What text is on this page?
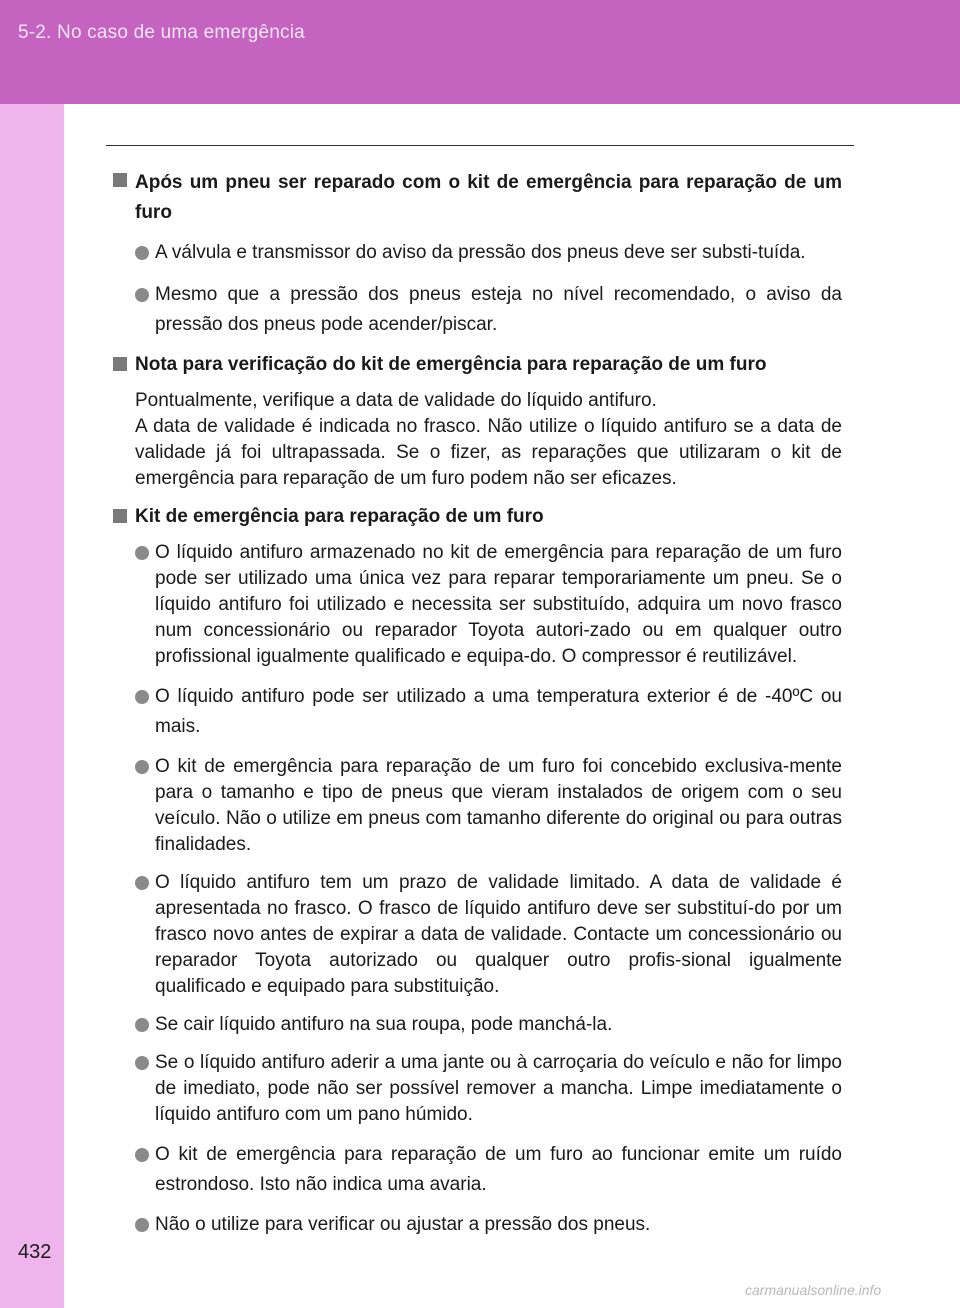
5-2. No caso de uma emergência
432
Após um pneu ser reparado com o kit de emergência para reparação de um furo
A válvula e transmissor do aviso da pressão dos pneus deve ser substi-tuída.
Mesmo que a pressão dos pneus esteja no nível recomendado, o aviso da pressão dos pneus pode acender/piscar.
Nota para verificação do kit de emergência para reparação de um furo
Pontualmente, verifique a data de validade do líquido antifuro.
A data de validade é indicada no frasco. Não utilize o líquido antifuro se a data de validade já foi ultrapassada. Se o fizer, as reparações que utilizaram o kit de emergência para reparação de um furo podem não ser eficazes.
Kit de emergência para reparação de um furo
O líquido antifuro armazenado no kit de emergência para reparação de um furo pode ser utilizado uma única vez para reparar temporariamente um pneu. Se o líquido antifuro foi utilizado e necessita ser substituído, adquira um novo frasco num concessionário ou reparador Toyota autori-zado ou em qualquer outro profissional igualmente qualificado e equipa-do. O compressor é reutilizável.
O líquido antifuro pode ser utilizado a uma temperatura exterior é de -40ºC ou mais.
O kit de emergência para reparação de um furo foi concebido exclusiva-mente para o tamanho e tipo de pneus que vieram instalados de origem com o seu veículo. Não o utilize em pneus com tamanho diferente do original ou para outras finalidades.
O líquido antifuro tem um prazo de validade limitado. A data de validade é apresentada no frasco. O frasco de líquido antifuro deve ser substituí-do por um frasco novo antes de expirar a data de validade. Contacte um concessionário ou reparador Toyota autorizado ou qualquer outro profis-sional igualmente qualificado e equipado para substituição.
Se cair líquido antifuro na sua roupa, pode manchá-la.
Se o líquido antifuro aderir a uma jante ou à carroçaria do veículo e não for limpo de imediato, pode não ser possível remover a mancha. Limpe imediatamente o líquido antifuro com um pano húmido.
O kit de emergência para reparação de um furo ao funcionar emite um ruído estrondoso. Isto não indica uma avaria.
Não o utilize para verificar ou ajustar a pressão dos pneus.
carmanualsonline.info
